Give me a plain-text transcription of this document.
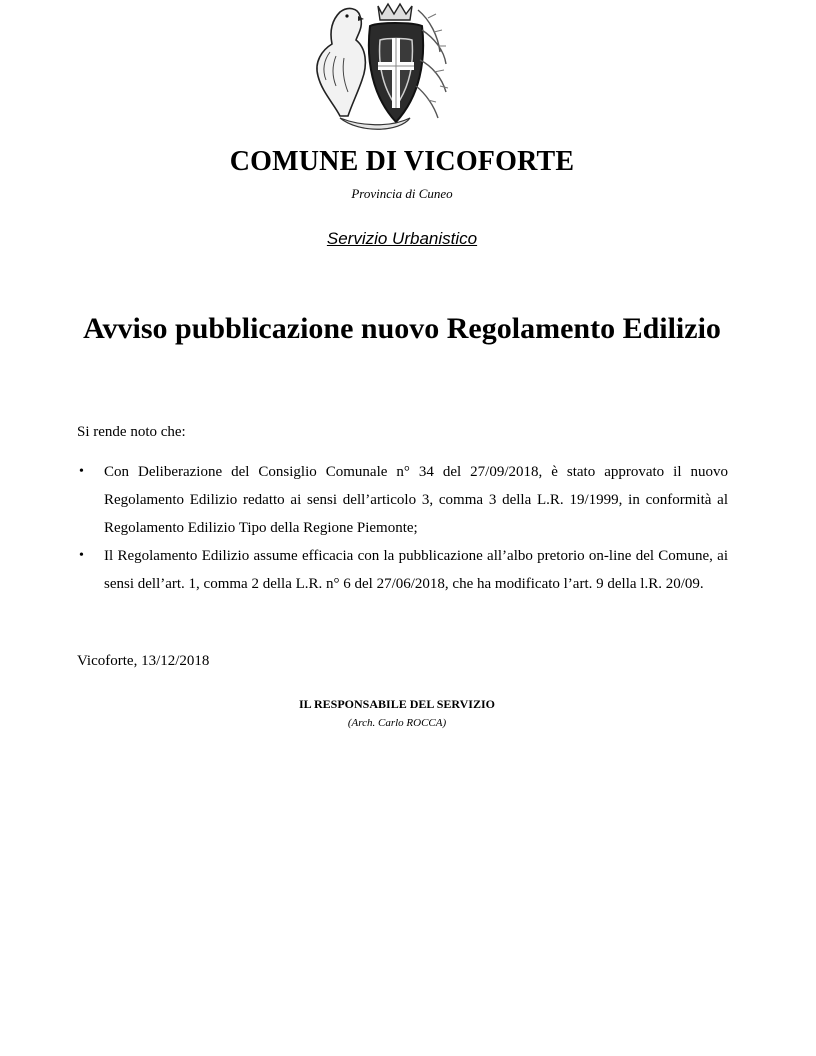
COMUNE DI VICOFORTE
Provincia di Cuneo
Servizio Urbanistico
Avviso pubblicazione nuovo Regolamento Edilizio
Si rende noto che:
• Con Deliberazione del Consiglio Comunale n° 34 del 27/09/2018, è stato approvato il nuovo Regolamento Edilizio redatto ai sensi dell’articolo 3, comma 3 della L.R. 19/1999, in conformità al Regolamento Edilizio Tipo della Regione Piemonte;
• Il Regolamento Edilizio assume efficacia con la pubblicazione all’albo pretorio on-line del Comune, ai sensi dell’art. 1, comma 2 della L.R. n° 6 del 27/06/2018, che ha modificato l’art. 9 della l.R. 20/09.
Vicoforte, 13/12/2018
IL RESPONSABILE DEL SERVIZIO
(Arch. Carlo ROCCA)
